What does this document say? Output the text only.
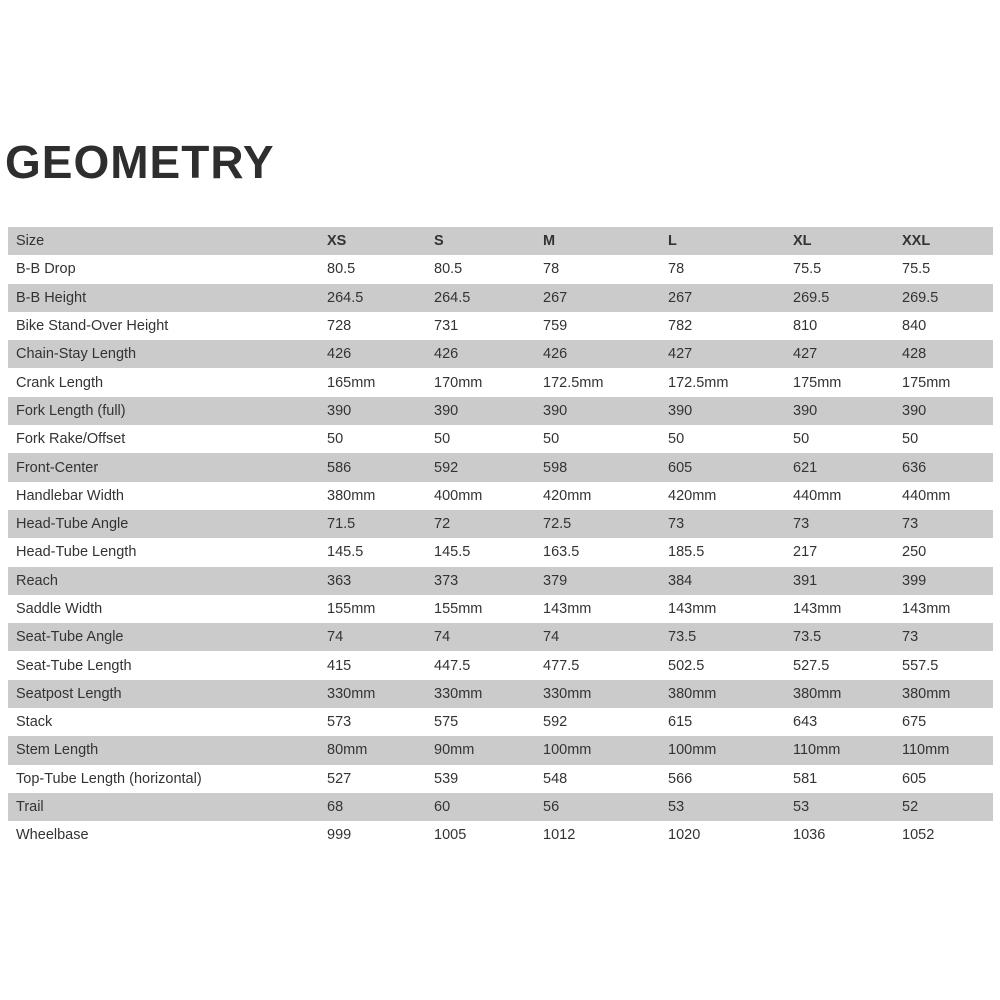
GEOMETRY
Size	XS	S	M	L	XL	XXL
B-B Drop	80.5	80.5	78	78	75.5	75.5
B-B Height	264.5	264.5	267	267	269.5	269.5
Bike Stand-Over Height	728	731	759	782	810	840
Chain-Stay Length	426	426	426	427	427	428
Crank Length	165mm	170mm	172.5mm	172.5mm	175mm	175mm
Fork Length (full)	390	390	390	390	390	390
Fork Rake/Offset	50	50	50	50	50	50
Front-Center	586	592	598	605	621	636
Handlebar Width	380mm	400mm	420mm	420mm	440mm	440mm
Head-Tube Angle	71.5	72	72.5	73	73	73
Head-Tube Length	145.5	145.5	163.5	185.5	217	250
Reach	363	373	379	384	391	399
Saddle Width	155mm	155mm	143mm	143mm	143mm	143mm
Seat-Tube Angle	74	74	74	73.5	73.5	73
Seat-Tube Length	415	447.5	477.5	502.5	527.5	557.5
Seatpost Length	330mm	330mm	330mm	380mm	380mm	380mm
Stack	573	575	592	615	643	675
Stem Length	80mm	90mm	100mm	100mm	110mm	110mm
Top-Tube Length (horizontal)	527	539	548	566	581	605
Trail	68	60	56	53	53	52
Wheelbase	999	1005	1012	1020	1036	1052
